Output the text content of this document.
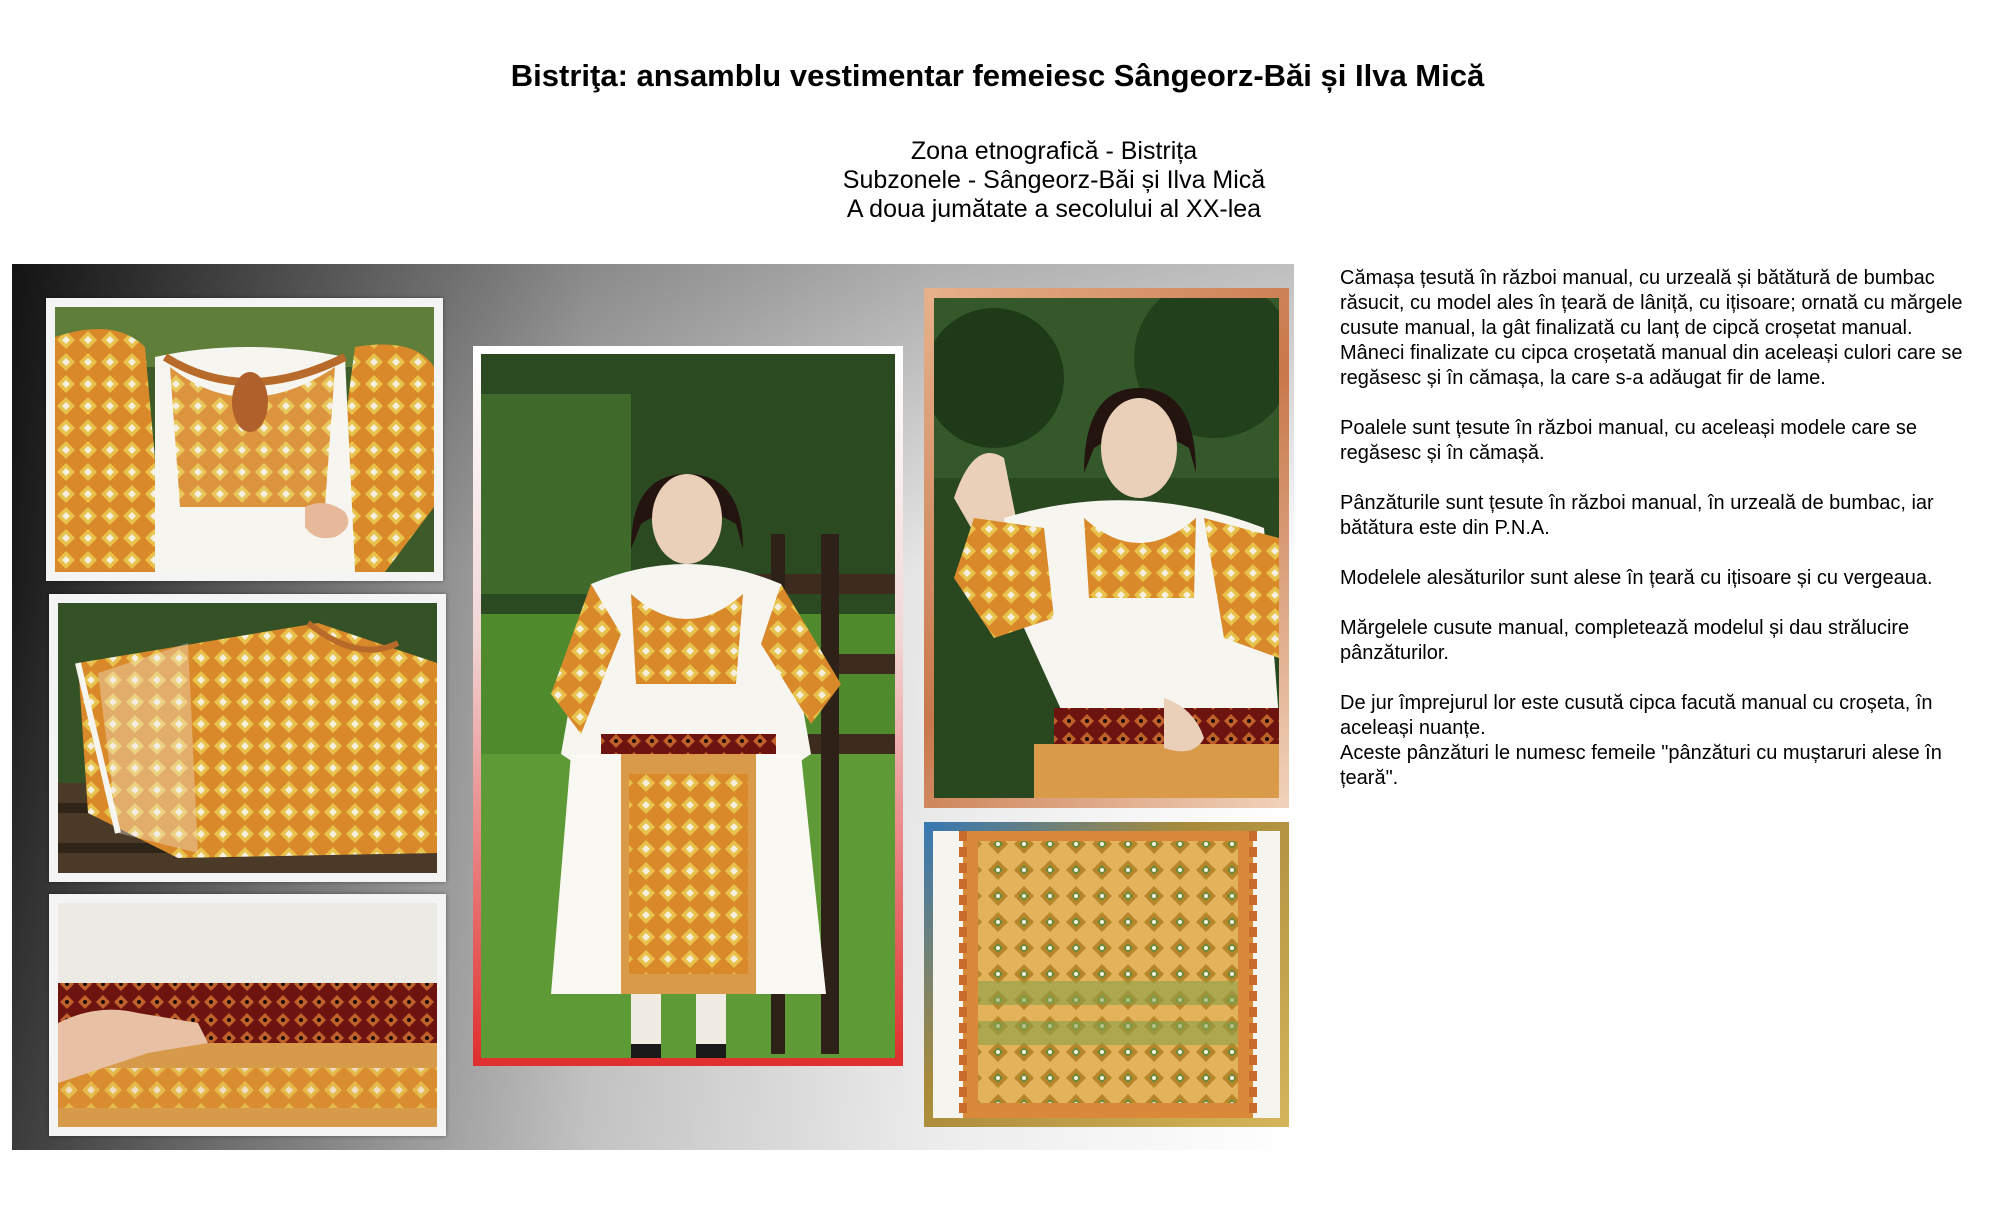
Bistriţa: ansamblu vestimentar femeiesc Sângeorz-Băi și Ilva Mică
Zona etnografică - Bistrița
Subzonele - Sângeorz-Băi și Ilva Mică
A doua jumătate a secolului al XX-lea

Cămașa țesută în război manual, cu urzeală și bătătură de bumbac răsucit, cu model ales în țeară de lâniță, cu ițisoare; ornată cu mărgele cusute manual, la gât finalizată cu lanț de cipcă croșetat manual. Mâneci finalizate cu cipca croșetată manual din aceleași culori care se regăsesc și în cămașa, la care s-a adăugat fir de lame.

Poalele sunt țesute în război manual, cu aceleași modele care se regăsesc și în cămașă.

Pânzăturile sunt țesute în război manual, în urzeală de bumbac, iar bătătura este din P.N.A.

Modelele alesăturilor sunt alese în țeară cu ițisoare și cu vergeaua.

Mărgelele cusute manual, completează modelul și dau strălucire pânzăturilor.

De jur împrejurul lor este cusută cipca facută manual cu croșeta, în aceleași nuanțe.

Aceste pânzături le numesc femeile "pânzături cu muștaruri alese în țeară".
